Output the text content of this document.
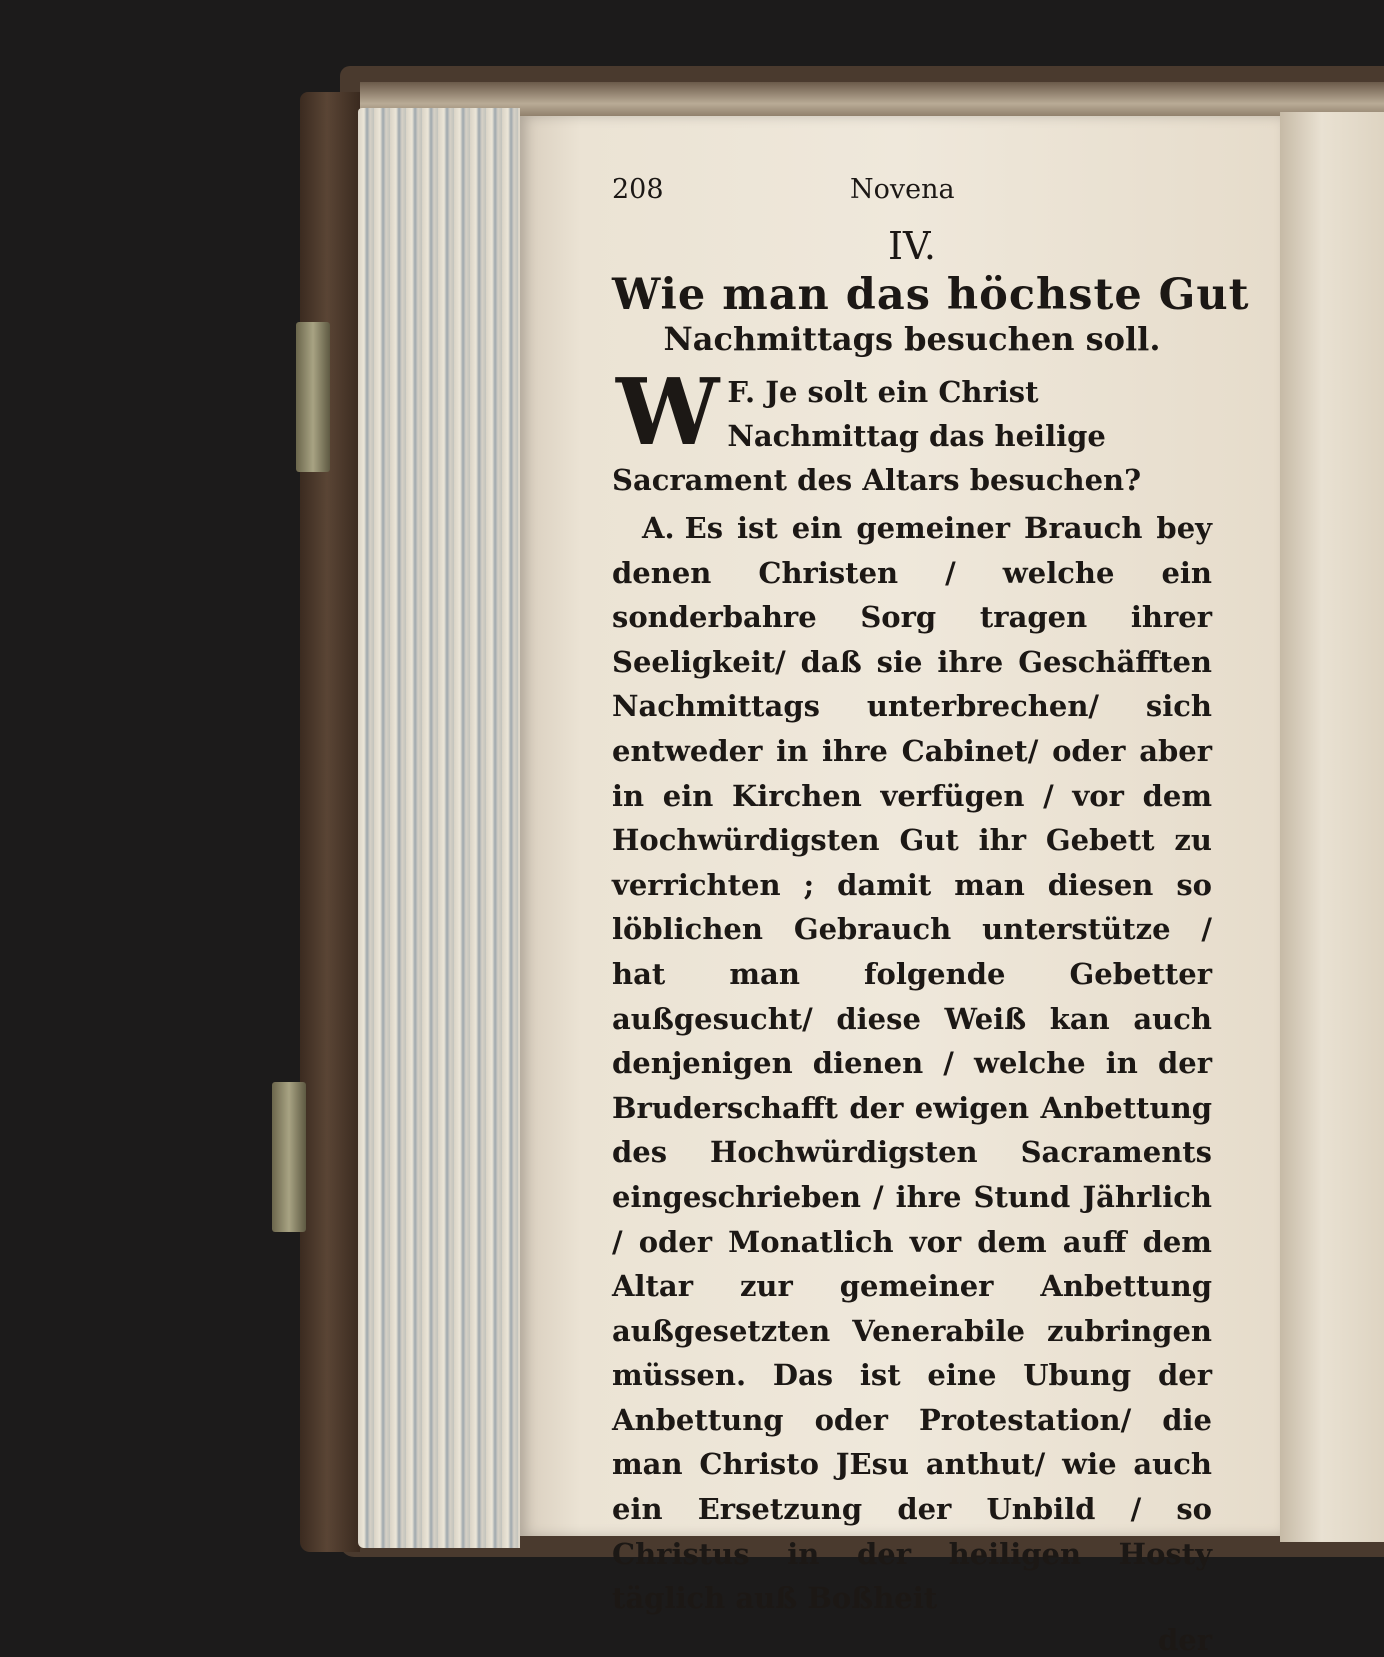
208	Novena
IV.
Wie man das höchste Gut
Nachmittags besuchen soll.
F.
W Je solt ein Christ Nachmittag das heilige Sacrament des Altars besuchen?
A. Es ist ein gemeiner Brauch bey denen Christen / welche ein sonderbahre Sorg tragen ihrer Seeligkeit/ daß sie ihre Geschäfften Nachmittags unterbrechen/ sich entweder in ihre Cabinet/ oder aber in ein Kirchen verfügen / vor dem Hochwürdigsten Gut ihr Gebett zu verrichten ; damit man diesen so löblichen Gebrauch unterstütze / hat man folgende Gebetter außgesucht/ diese Weiß kan auch denjenigen dienen / welche in der Bruderschafft der ewigen Anbettung des Hochwürdigsten Sacraments eingeschrieben / ihre Stund Jährlich / oder Monatlich vor dem auff dem Altar zur gemeiner Anbettung außgesetzten Venerabile zubringen müssen. Das ist eine Ubung der Anbettung oder Protestation/ die man Christo JEsu anthut/ wie auch ein Ersetzung der Unbild / so Christus in der heiligen Hosty täglich auß Boßheit
der
